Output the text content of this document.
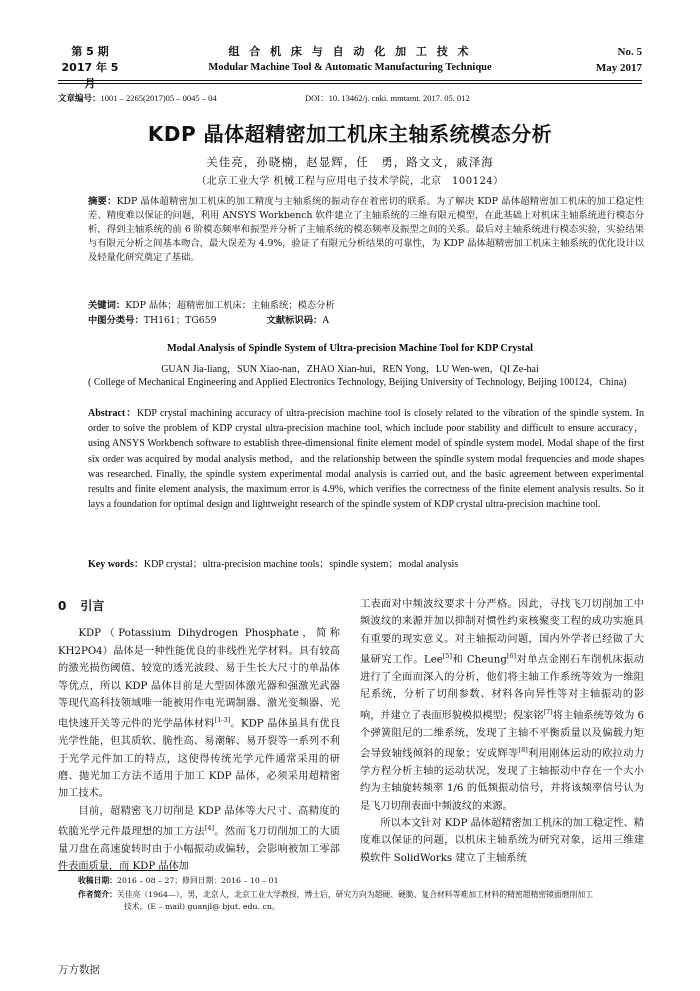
第 5 期
2017 年 5 月
组 合 机 床 与 自 动 化 加 工 技 术
Modular Machine Tool & Automatic Manufacturing Technique
No. 5
May 2017
文章编号：1001 – 2265(2017)05 – 0045 – 04	DOI：10. 13462/j. cnki. mmtamt. 2017. 05. 012
KDP 晶体超精密加工机床主轴系统模态分析
关佳亮，孙晓楠，赵显辉，任　勇，路文文，戚泽海
（北京工业大学 机械工程与应用电子技术学院，北京　100124）
摘要：KDP 晶体超精密加工机床的加工精度与主轴系统的振动存在着密切的联系。为了解决 KDP 晶体超精密加工机床的加工稳定性差、精度难以保证的问题，利用 ANSYS Workbench 软件建立了主轴系统的三维有限元模型，在此基础上对机床主轴系统进行模态分析，得到主轴系统的前 6 阶模态频率和振型并分析了主轴系统的模态频率及振型之间的关系。最后对主轴系统进行模态实验，实验结果与有限元分析之间基本吻合，最大误差为 4.9%，验证了有限元分析结果的可靠性，为 KDP 晶体超精密加工机床主轴系统的优化设计以及轻量化研究奠定了基础。
关键词：KDP 晶体；超精密加工机床；主轴系统；模态分析
中图分类号：TH161；TG659	文献标识码：A
Modal Analysis of Spindle System of Ultra-precision Machine Tool for KDP Crystal
GUAN Jia-liang，SUN Xiao-nan，ZHAO Xian-hui，REN Yong，LU Wen-wen，QI Ze-hai
( College of Mechanical Engineering and Applied Electronics Technology, Beijing University of Technology, Beijing 100124，China)
Abstract：KDP crystal machining accuracy of ultra-precision machine tool is closely related to the vibration of the spindle system. In order to solve the problem of KDP crystal ultra-precision machine tool, which include poor stability and difficult to ensure accuracy，using ANSYS Workbench software to establish three-dimensional finite element model of spindle system model. Modal shape of the first six order was acquired by modal analysis method，and the relationship between the spindle system modal frequencies and mode shapes was researched. Finally, the spindle system experimental modal analysis is carried out, and the basic agreement between experimental results and finite element analysis, the maximum error is 4.9%, which verifies the correctness of the finite element analysis results. So it lays a foundation for optimal design and lightweight research of the spindle system of KDP crystal ultra-precision machine tool.
Key words：KDP crystal；ultra-precision machine tools；spindle system；modal analysis
0 引言

KDP（Potassium Dihydrogen Phosphate，简称 KH2PO4）晶体是一种性能优良的非线性光学材料。具有较高的激光损伤阈值、较宽的透光波段、易于生长大尺寸的单晶体等优点，所以 KDP 晶体目前是大型固体激光器和强激光武器等现代高科技领域唯一能被用作电光调制器、激光变频器、光电快速开关等元件的光学晶体材料[1-3]。KDP 晶体虽具有优良光学性能，但其质软、脆性高、易潮解、易开裂等一系列不利于光学元件加工的特点，这使得传统光学元件通常采用的研磨、抛光加工方法不适用于加工 KDP 晶体，必须采用超精密加工技术。

目前，超精密飞刀切削是 KDP 晶体等大尺寸、高精度的软脆光学元件最理想的加工方法[4]。然而飞刀切削加工的大质量刀盘在高速旋转时由于小幅振动或偏转，会影响被加工零部件表面质量，而 KDP 晶体加

工表面对中频波纹要求十分严格。因此，寻找飞刀切削加工中频波纹的来源并加以抑制对惯性约束核聚变工程的成功实施具有重要的现实意义。对主轴振动问题，国内外学者已经做了大量研究工作。Lee[5]和 Cheung[6]对单点金刚石车削机床振动进行了全面而深入的分析，他们将主轴工作系统等效为一维阻尼系统，分析了切削参数、材料各向异性等对主轴振动的影响，并建立了表面形貌模拟模型；倪家铭[7]将主轴系统等效为 6 个弹簧阻尼的二维系统，发现了主轴不平衡质量以及偏载力矩会导致轴线倾斜的现象；安成辉等[8]利用刚体运动的欧拉动力学方程分析主轴的运动状况，发现了主轴振动中存在一个大小约为主轴旋转频率 1/6 的低频振动信号，并将该频率信号认为是飞刀切削表面中频波纹的来源。

所以本文针对 KDP 晶体超精密加工机床的加工稳定性、精度难以保证的问题，以机床主轴系统为研究对象，运用三维建模软件 SolidWorks 建立了主轴系统

收稿日期：2016 – 08 – 27；修回日期：2016 – 10 – 01
作者简介：关佳亮（1964—），男，北京人，北京工业大学教授，博士后，研究方向为超硬、硬脆、复合材料等难加工材料的精密超精密镜面磨削加工
技术，(E – mail) guanjl@ bjut. edu. cn。
万方数据
